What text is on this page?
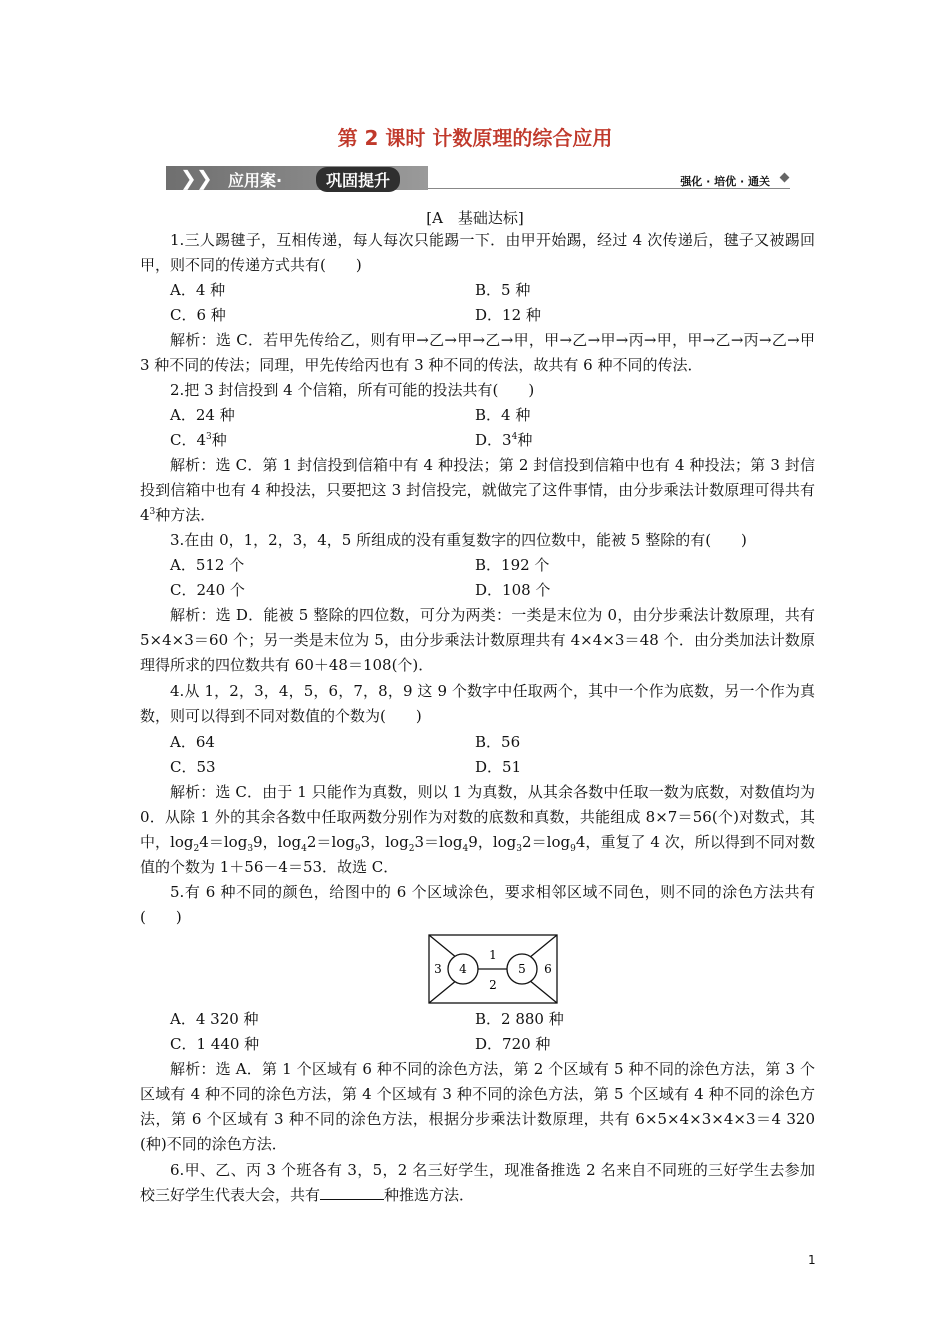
第 2 课时 计数原理的综合应用
❯ ❯ 应用案·	巩固提升	强化 · 培优 · 通关
[A　基础达标]
1.三人踢毽子，互相传递，每人每次只能踢一下．由甲开始踢，经过 4 次传递后，毽子又被踢回甲，则不同的传递方式共有(　　)
A．4 种	B．5 种
C．6 种	D．12 种
解析：选 C．若甲先传给乙，则有甲→乙→甲→乙→甲，甲→乙→甲→丙→甲，甲→乙→丙→乙→甲 3 种不同的传法；同理，甲先传给丙也有 3 种不同的传法，故共有 6 种不同的传法．
2.把 3 封信投到 4 个信箱，所有可能的投法共有(　　)
A．24 种	B．4 种
C．$4^3$种	D．$3^4$种
解析：选 C．第 1 封信投到信箱中有 4 种投法；第 2 封信投到信箱中也有 4 种投法；第 3 封信投到信箱中也有 4 种投法，只要把这 3 封信投完，就做完了这件事情，由分步乘法计数原理可得共有 $4^3$种方法．
3.在由 0，1，2，3，4，5 所组成的没有重复数字的四位数中，能被 5 整除的有(　　)
A．512 个	B．192 个
C．240 个	D．108 个
解析：选 D．能被 5 整除的四位数，可分为两类：一类是末位为 0，由分步乘法计数原理，共有 5×4×3＝60 个；另一类是末位为 5，由分步乘法计数原理共有 4×4×3＝48 个．由分类加法计数原理得所求的四位数共有 60＋48＝108(个)．
4.从 1，2，3，4，5，6，7，8，9 这 9 个数字中任取两个，其中一个作为底数，另一个作为真数，则可以得到不同对数值的个数为(　　)
A．64	B．56
C．53	D．51
解析：选 C．由于 1 只能作为真数，则以 1 为真数，从其余各数中任取一数为底数，对数值均为 0．从除 1 外的其余各数中任取两数分别作为对数的底数和真数，共能组成 8×7＝56(个)对数式，其中，$\log_24=\log_39$，$\log_42=\log_93$，$\log_23=\log_49$，$\log_32=\log_94$，重复了 4 次，所以得到不同对数值的个数为 1＋56－4＝53．故选 C．
5.有 6 种不同的颜色，给图中的 6 个区域涂色，要求相邻区域不同色，则不同的涂色方法共有(　　)
1
2
3 4	5 6
A．4 320 种	B．2 880 种
C．1 440 种	D．720 种
解析：选 A．第 1 个区域有 6 种不同的涂色方法，第 2 个区域有 5 种不同的涂色方法，第 3 个区域有 4 种不同的涂色方法，第 4 个区域有 3 种不同的涂色方法，第 5 个区域有 4 种不同的涂色方法，第 6 个区域有 3 种不同的涂色方法，根据分步乘法计数原理，共有 6×5×4×3×4×3＝4 320 (种)不同的涂色方法．
6.甲、乙、丙 3 个班各有 3，5，2 名三好学生，现准备推选 2 名来自不同班的三好学生去参加校三好学生代表大会，共有	种推选方法．
1
